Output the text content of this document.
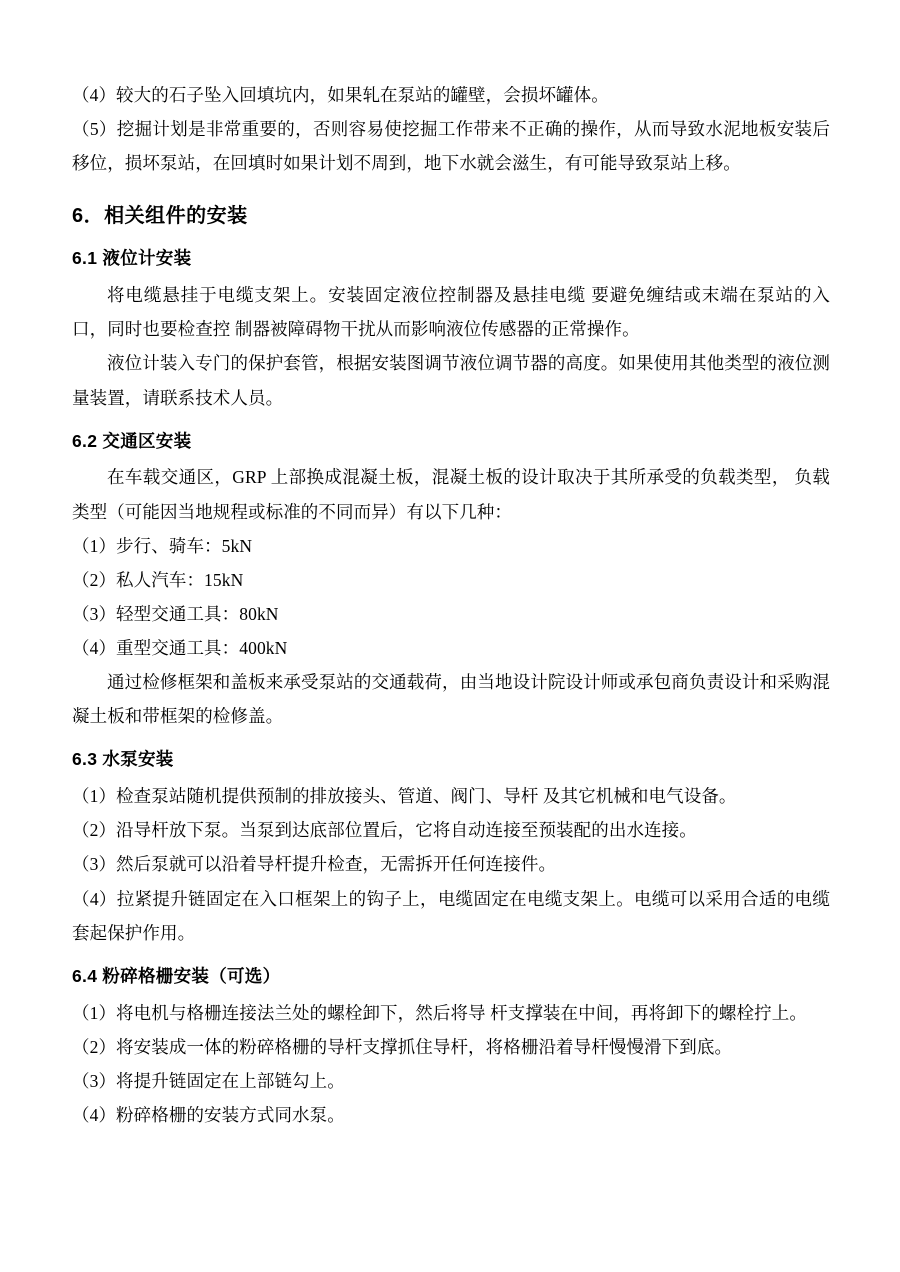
（4）较大的石子坠入回填坑内，如果轧在泵站的罐壁，会损坏罐体。

（5）挖掘计划是非常重要的，否则容易使挖掘工作带来不正确的操作，从而导致水泥地板安装后移位，损坏泵站，在回填时如果计划不周到，地下水就会滋生，有可能导致泵站上移。

6．相关组件的安装
6.1 液位计安装

将电缆悬挂于电缆支架上。安装固定液位控制器及悬挂电缆 要避免缠结或末端在泵站的入口，同时也要检查控 制器被障碍物干扰从而影响液位传感器的正常操作。

液位计装入专门的保护套管，根据安装图调节液位调节器的高度。如果使用其他类型的液位测量装置，请联系技术人员。

6.2 交通区安装

在车载交通区，GRP 上部换成混凝土板，混凝土板的设计取决于其所承受的负载类型， 负载类型（可能因当地规程或标准的不同而异）有以下几种：

（1）步行、骑车：5kN

（2）私人汽车：15kN

（3）轻型交通工具：80kN

（4）重型交通工具：400kN

通过检修框架和盖板来承受泵站的交通载荷，由当地设计院设计师或承包商负责设计和采购混凝土板和带框架的检修盖。

6.3 水泵安装

（1）检查泵站随机提供预制的排放接头、管道、阀门、导杆 及其它机械和电气设备。

（2）沿导杆放下泵。当泵到达底部位置后，它将自动连接至预装配的出水连接。

（3）然后泵就可以沿着导杆提升检查，无需拆开任何连接件。

（4）拉紧提升链固定在入口框架上的钩子上，电缆固定在电缆支架上。电缆可以采用合适的电缆套起保护作用。

6.4 粉碎格栅安装（可选）

（1）将电机与格栅连接法兰处的螺栓卸下，然后将导 杆支撑装在中间，再将卸下的螺栓拧上。

（2）将安装成一体的粉碎格栅的导杆支撑抓住导杆，将格栅沿着导杆慢慢滑下到底。

（3）将提升链固定在上部链勾上。

（4）粉碎格栅的安装方式同水泵。
